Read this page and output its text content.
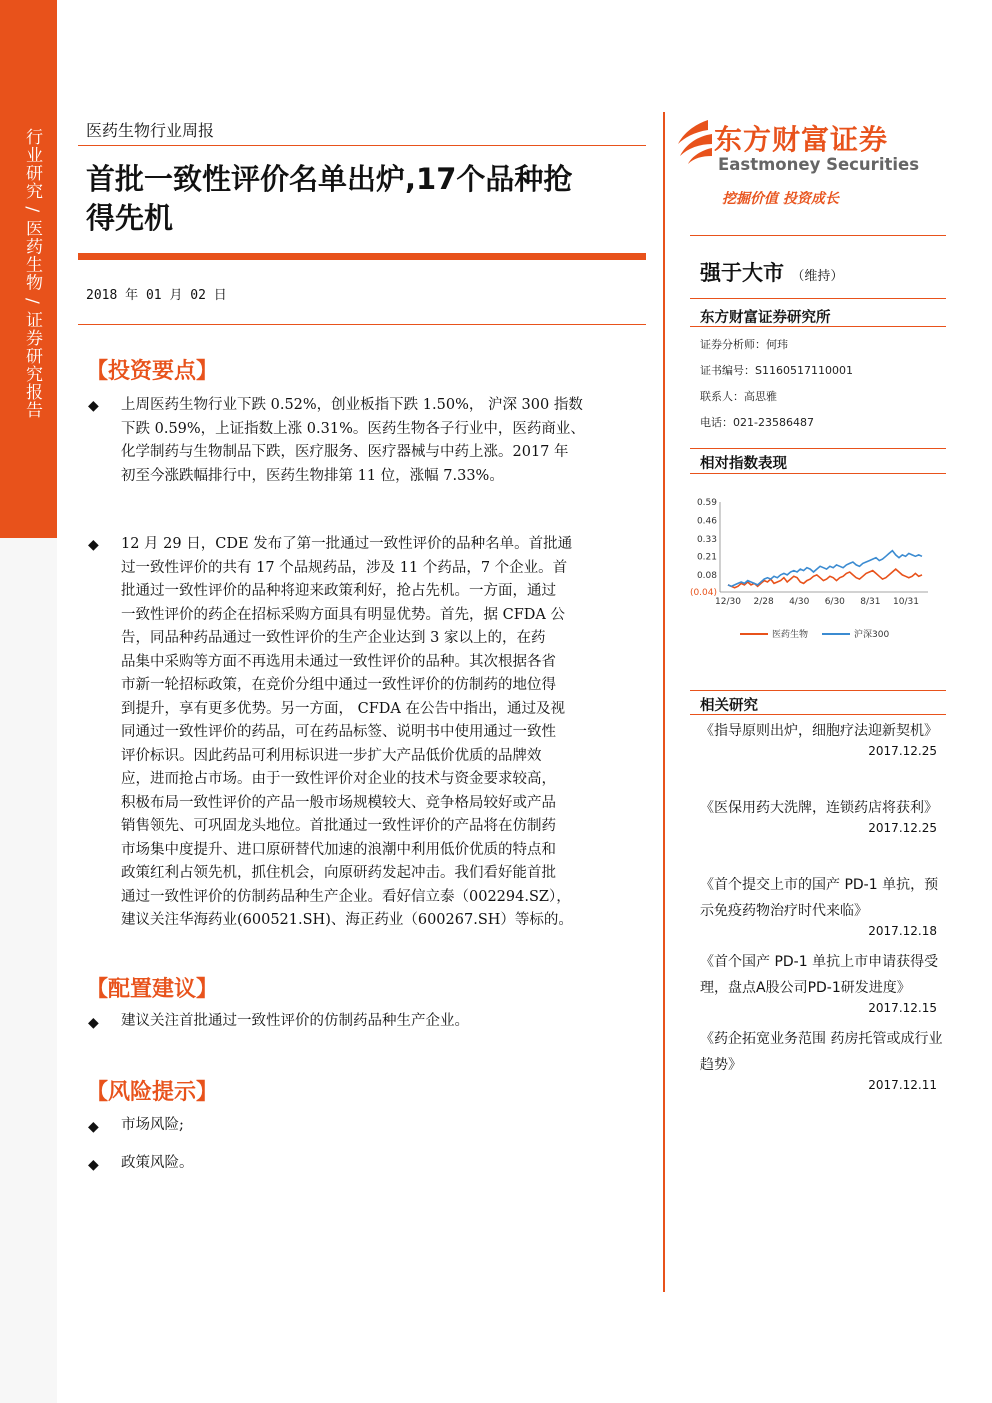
行业研究 / 医药生物 / 证券研究报告	医药生物行业周报
首批一致性评价名单出炉,17个品种抢
得先机
2018 年 01 月 02 日
【投资要点】
◆ 上周医药生物行业下跌 0.52%，创业板指下跌 1.50%， 沪深 300 指数
下跌 0.59%，上证指数上涨 0.31%。医药生物各子行业中，医药商业、
化学制药与生物制品下跌，医疗服务、医疗器械与中药上涨。2017 年
初至今涨跌幅排行中，医药生物排第 11 位，涨幅 7.33%。
◆ 12 月 29 日，CDE 发布了第一批通过一致性评价的品种名单。首批通
过一致性评价的共有 17 个品规药品，涉及 11 个药品，7 个企业。首
批通过一致性评价的品种将迎来政策利好，抢占先机。一方面，通过
一致性评价的药企在招标采购方面具有明显优势。首先，据 CFDA 公
告，同品种药品通过一致性评价的生产企业达到 3 家以上的，在药
品集中采购等方面不再选用未通过一致性评价的品种。其次根据各省
市新一轮招标政策，在竞价分组中通过一致性评价的仿制药的地位得
到提升，享有更多优势。另一方面， CFDA 在公告中指出，通过及视
同通过一致性评价的药品，可在药品标签、说明书中使用通过一致性
评价标识。因此药品可利用标识进一步扩大产品低价优质的品牌效
应，进而抢占市场。由于一致性评价对企业的技术与资金要求较高，
积极布局一致性评价的产品一般市场规模较大、竞争格局较好或产品
销售领先、可巩固龙头地位。首批通过一致性评价的产品将在仿制药
市场集中度提升、进口原研替代加速的浪潮中利用低价优质的特点和
政策红利占领先机，抓住机会，向原研药发起冲击。我们看好能首批
通过一致性评价的仿制药品种生产企业。看好信立泰（002294.SZ），
建议关注华海药业(600521.SH)、海正药业（600267.SH）等标的。
【配置建议】
◆ 建议关注首批通过一致性评价的仿制药品种生产企业。
【风险提示】
◆ 市场风险;
◆ 政策风险。
东方财富证券
Eastmoney Securities
挖掘价值 投资成长
强于大市 （维持）
东方财富证券研究所
证券分析师：何玮
证书编号：S1160517110001
联系人：高思雅
电话：021-23586487
相对指数表现
0.59
0.46
0.33
0.21
0.08
(0.04)
12/30 2/28 4/30 6/30 8/31 10/31
医药生物	沪深300
相关研究
《指导原则出炉，细胞疗法迎新契机》
2017.12.25
《医保用药大洗牌，连锁药店将获利》
2017.12.25
《首个提交上市的国产 PD-1 单抗，预示免疫药物治疗时代来临》
2017.12.18
《首个国产 PD-1 单抗上市申请获得受理，盘点A股公司PD-1研发进度》
2017.12.15
《药企拓宽业务范围 药房托管或成行业趋势》
2017.12.11
